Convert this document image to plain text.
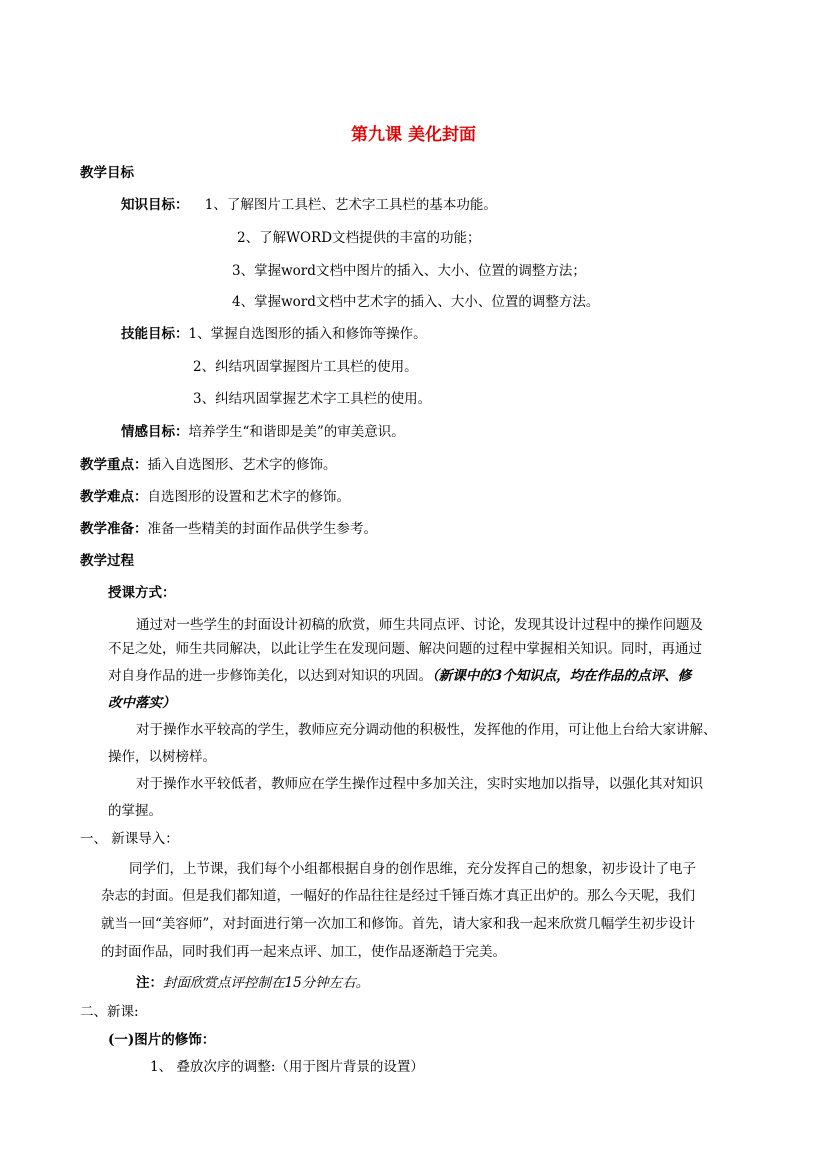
第九课 美化封面
教学目标
知识目标： 1、了解图片工具栏、艺术字工具栏的基本功能。
2、了解WORD文档提供的丰富的功能；
3、掌握word文档中图片的插入、大小、位置的调整方法；
4、掌握word文档中艺术字的插入、大小、位置的调整方法。
技能目标：1、掌握自选图形的插入和修饰等操作。
2、纠结巩固掌握图片工具栏的使用。
3、纠结巩固掌握艺术字工具栏的使用。
情感目标：培养学生“和谐即是美”的审美意识。
教学重点：插入自选图形、艺术字的修饰。
教学难点：自选图形的设置和艺术字的修饰。
教学准备：准备一些精美的封面作品供学生参考。
教学过程
授课方式：
通过对一些学生的封面设计初稿的欣赏，师生共同点评、讨论，发现其设计过程中的操作问题及
不足之处，师生共同解决，以此让学生在发现问题、解决问题的过程中掌握相关知识。同时，再通过
对自身作品的进一步修饰美化，以达到对知识的巩固。（新课中的3个知识点，均在作品的点评、修
改中落实）
对于操作水平较高的学生，教师应充分调动他的积极性，发挥他的作用，可让他上台给大家讲解、
操作，以树榜样。
对于操作水平较低者，教师应在学生操作过程中多加关注，实时实地加以指导，以强化其对知识
的掌握。
一、 新课导入：
同学们，上节课，我们每个小组都根据自身的创作思维，充分发挥自己的想象，初步设计了电子
杂志的封面。但是我们都知道，一幅好的作品往往是经过千锤百炼才真正出炉的。那么今天呢，我们
就当一回“美容师”，对封面进行第一次加工和修饰。首先，请大家和我一起来欣赏几幅学生初步设计
的封面作品，同时我们再一起来点评、加工，使作品逐渐趋于完美。
注：封面欣赏点评控制在15分钟左右。
二、新课:
(一)图片的修饰：
1、 叠放次序的调整:（用于图片背景的设置）
